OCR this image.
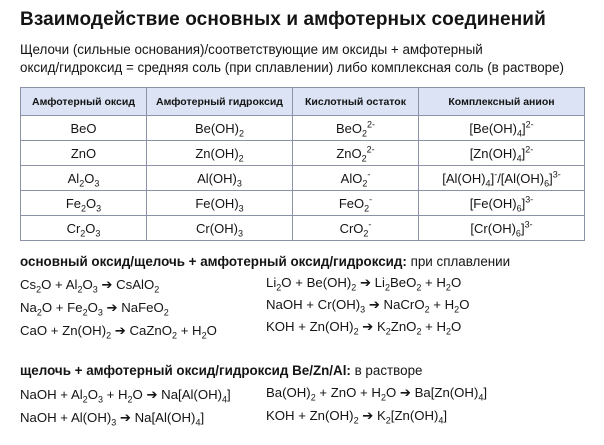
Взаимодействие основных и амфотерных соединений
Щелочи (сильные основания)/соответствующие им оксиды + амфотерный
оксид/гидроксид = средняя соль (при сплавлении) либо комплексная соль (в растворе)
Амфотерный оксид	Амфотерный гидроксид	Кислотный остаток	Комплексный анион
BeO	$Be(OH)_2$	BeO$_2^{2-}$	$[Be(OH)_4]^{2-}$
ZnO	$Zn(OH)_2$	ZnO$_2^{2-}$	$[Zn(OH)_4]^{2-}$
$Al_2O_3$	$Al(OH)_3$	AlO$_2$-	$[Al(OH)_4]^-/[Al(OH)_6]^{3-}$
$Fe_2O_3$	$Fe(OH)_3$	FeO$_2$-	$[Fe(OH)_6]^{3-}$
$Cr_2O_3$	$Cr(OH)_3$	CrO$_2$-	$[Cr(OH)_6]^{3-}$
основный оксид/щелочь + амфотерный оксид/гидроксид: при сплавлении
$Cs_2O + Al_2O_3$ ➔ CsAlO$_2$
$Na_2O + Fe_2O_3$ ➔ NaFeO$_2$
CaO + $Zn(OH)_2$ ➔ CaZnO$_2$ + $H_2O$
$Li_2O + Be(OH)_2$ ➔ $Li_2BeO_2 + H_2O$
NaOH + $Cr(OH)_3$ ➔ NaCrO$_2$ + $H_2O$
KOH + $Zn(OH)_2$ ➔ $K_2ZnO_2 + H_2O$
щелочь + амфотерный оксид/гидроксид Be/Zn/Al: в растворе
NaOH + $Al_2O_3 + H_2O$ ➔ $Na[Al(OH)_4]$
NaOH + $Al(OH)_3$ ➔ $Na[Al(OH)_4]$
$Ba(OH)_2$ + ZnO + $H_2O$ ➔ $Ba[Zn(OH)_4]$
KOH + $Zn(OH)_2$ ➔ $K_2[Zn(OH)_4]$
